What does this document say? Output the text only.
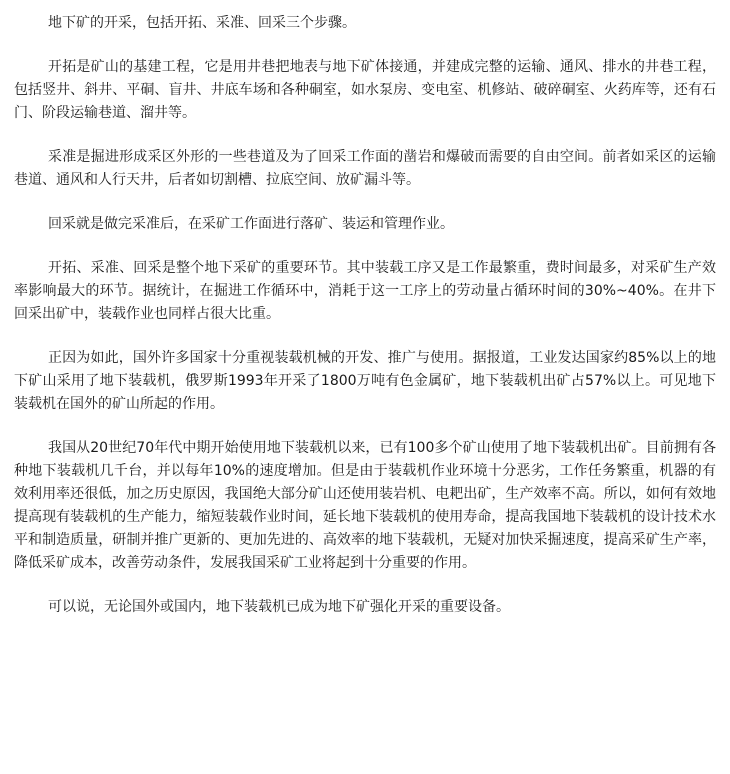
地下矿的开采，包括开拓、采准、回采三个步骤。

开拓是矿山的基建工程，它是用井巷把地表与地下矿体接通，并建成完整的运输、通风、排水的井巷工程，包括竖井、斜井、平硐、盲井、井底车场和各种硐室，如水泵房、变电室、机修站、破碎硐室、火药库等，还有石门、阶段运输巷道、溜井等。

采准是掘进形成采区外形的一些巷道及为了回采工作面的凿岩和爆破而需要的自由空间。前者如采区的运输巷道、通风和人行天井，后者如切割槽、拉底空间、放矿漏斗等。

回采就是做完采准后，在采矿工作面进行落矿、装运和管理作业。

开拓、采准、回采是整个地下采矿的重要环节。其中装载工序又是工作最繁重，费时间最多，对采矿生产效率影响最大的环节。据统计，在掘进工作循环中，消耗于这一工序上的劳动量占循环时间的30%~40%。在井下回采出矿中，装载作业也同样占很大比重。

正因为如此，国外许多国家十分重视装载机械的开发、推广与使用。据报道，工业发达国家约85%以上的地下矿山采用了地下装载机，俄罗斯1993年开采了1800万吨有色金属矿，地下装载机出矿占57%以上。可见地下装载机在国外的矿山所起的作用。

我国从20世纪70年代中期开始使用地下装载机以来，已有100多个矿山使用了地下装载机出矿。目前拥有各种地下装载机几千台，并以每年10%的速度增加。但是由于装载机作业环境十分恶劣，工作任务繁重，机器的有效利用率还很低，加之历史原因，我国绝大部分矿山还使用装岩机、电耙出矿，生产效率不高。所以，如何有效地提高现有装载机的生产能力，缩短装载作业时间，延长地下装载机的使用寿命，提高我国地下装载机的设计技术水平和制造质量，研制并推广更新的、更加先进的、高效率的地下装载机，无疑对加快采掘速度，提高采矿生产率，降低采矿成本，改善劳动条件，发展我国采矿工业将起到十分重要的作用。

可以说，无论国外或国内，地下装载机已成为地下矿强化开采的重要设备。
